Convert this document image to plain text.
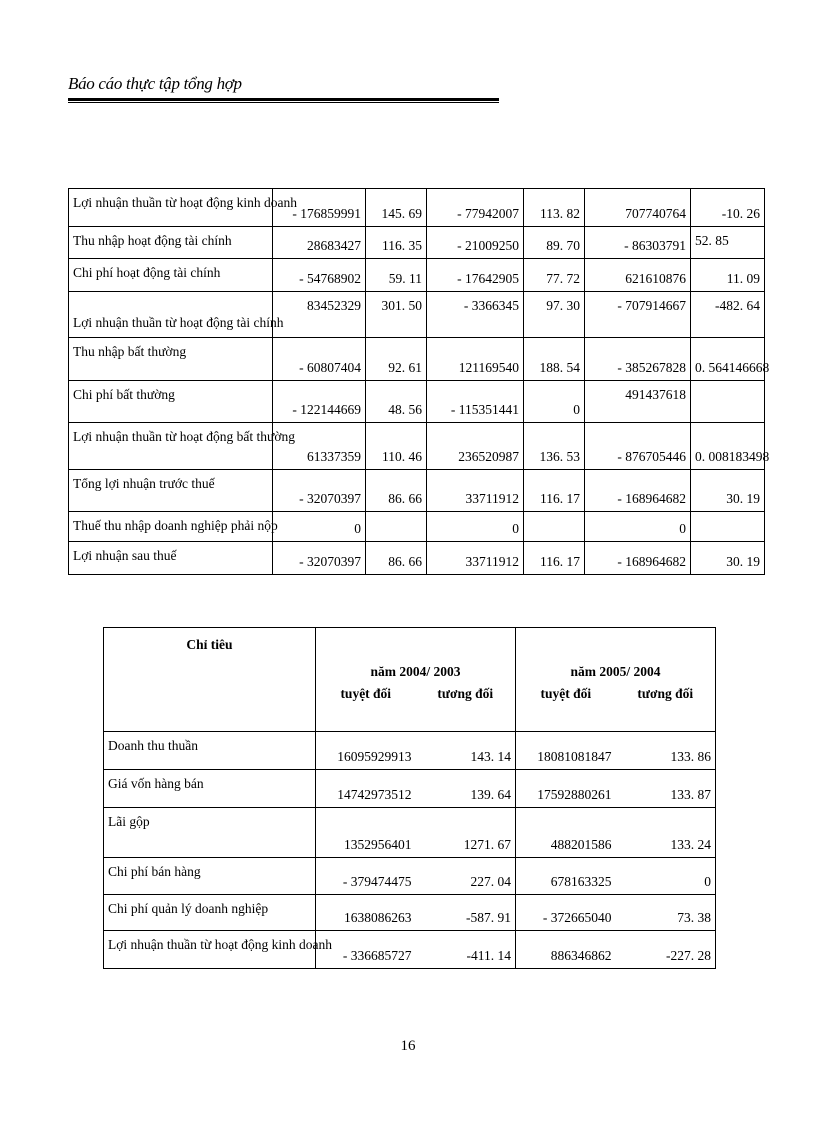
Báo cáo thực tập tổng hợp
Lợi nhuận thuần từ hoạt động kinh doanh	- 176859991	145. 69	- 77942007	113. 82	707740764	-10. 26
Thu nhập hoạt động tài chính	28683427	116. 35	- 21009250	89. 70	- 86303791	52. 85
Chi phí hoạt động tài chính	- 54768902	59. 11	- 17642905	77. 72	621610876	11. 09
Lợi nhuận thuần từ hoạt động tài chính	83452329	301. 50	- 3366345	97. 30	- 707914667	-482. 64
Thu nhập bất thường	- 60807404	92. 61	121169540	188. 54	- 385267828	0. 564146668
Chi phí bất thường	- 122144669	48. 56	- 115351441	0	491437618	
Lợi nhuận thuần từ hoạt động bất thường	61337359	110. 46	236520987	136. 53	- 876705446	0. 008183498
Tổng lợi nhuận trước thuế	- 32070397	86. 66	33711912	116. 17	- 168964682	30. 19
Thuế thu nhập doanh nghiệp phải nộp	0		0		0	
Lợi nhuận sau thuế	- 32070397	86. 66	33711912	116. 17	- 168964682	30. 19
Chỉ tiêu	năm 2004/ 2003		năm 2005/ 2004	
	tuyệt đối	tương đối	tuyệt đối	tương đối
Doanh thu thuần	16095929913	143. 14	18081081847	133. 86
Giá vốn hàng bán	14742973512	139. 64	17592880261	133. 87
Lãi gộp	1352956401	1271. 67	488201586	133. 24
Chi phí bán hàng	- 379474475	227. 04	678163325	0
Chi phí quản lý doanh nghiệp	1638086263	-587. 91	- 372665040	73. 38
Lợi nhuận thuần từ hoạt động kinh doanh	- 336685727	-411. 14	886346862	-227. 28
16
